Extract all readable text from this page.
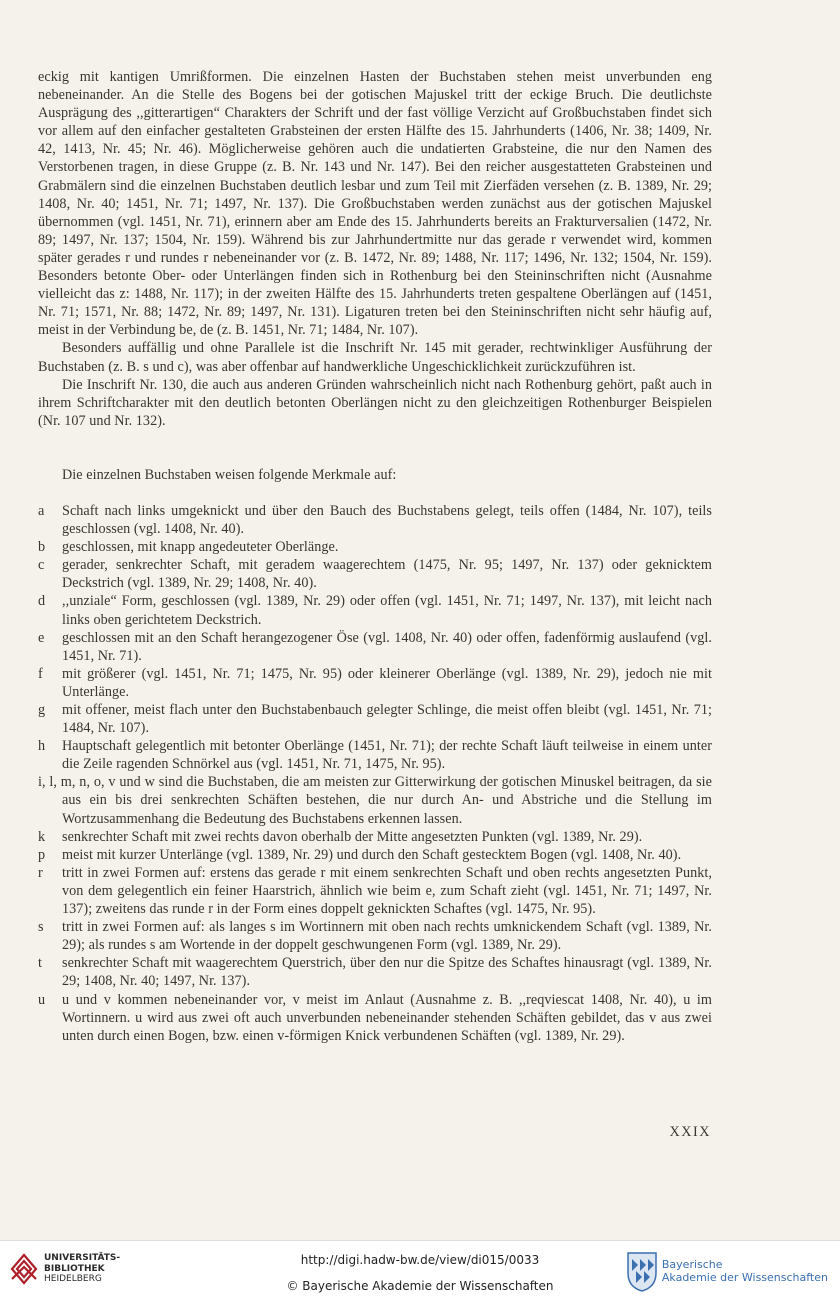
eckig mit kantigen Umrißformen. Die einzelnen Hasten der Buchstaben stehen meist unverbunden eng nebeneinander. An die Stelle des Bogens bei der gotischen Majuskel tritt der eckige Bruch. Die deutlichste Ausprägung des ,,gitterartigen“ Charakters der Schrift und der fast völlige Verzicht auf Großbuchstaben findet sich vor allem auf den einfacher gestalteten Grabsteinen der ersten Hälfte des 15. Jahrhunderts (1406, Nr. 38; 1409, Nr. 42, 1413, Nr. 45; Nr. 46). Möglicherweise gehören auch die undatierten Grabsteine, die nur den Namen des Verstorbenen tragen, in diese Gruppe (z. B. Nr. 143 und Nr. 147). Bei den reicher ausgestatteten Grabsteinen und Grabmälern sind die einzelnen Buchstaben deutlich lesbar und zum Teil mit Zierfäden versehen (z. B. 1389, Nr. 29; 1408, Nr. 40; 1451, Nr. 71; 1497, Nr. 137). Die Großbuchstaben werden zunächst aus der gotischen Majuskel übernommen (vgl. 1451, Nr. 71), erinnern aber am Ende des 15. Jahrhunderts bereits an Frakturversalien (1472, Nr. 89; 1497, Nr. 137; 1504, Nr. 159). Während bis zur Jahrhundertmitte nur das gerade r verwendet wird, kommen später gerades r und rundes r nebeneinander vor (z. B. 1472, Nr. 89; 1488, Nr. 117; 1496, Nr. 132; 1504, Nr. 159). Besonders betonte Ober- oder Unterlängen finden sich in Rothenburg bei den Steininschriften nicht (Ausnahme vielleicht das z: 1488, Nr. 117); in der zweiten Hälfte des 15. Jahrhunderts treten gespaltene Oberlängen auf (1451, Nr. 71; 1571, Nr. 88; 1472, Nr. 89; 1497, Nr. 131). Ligaturen treten bei den Steininschriften nicht sehr häufig auf, meist in der Verbindung be, de (z. B. 1451, Nr. 71; 1484, Nr. 107).

Besonders auffällig und ohne Parallele ist die Inschrift Nr. 145 mit gerader, rechtwinkliger Ausführung der Buchstaben (z. B. s und c), was aber offenbar auf handwerkliche Ungeschicklichkeit zurückzuführen ist.

Die Inschrift Nr. 130, die auch aus anderen Gründen wahrscheinlich nicht nach Rothenburg gehört, paßt auch in ihrem Schriftcharakter mit den deutlich betonten Oberlängen nicht zu den gleichzeitigen Rothenburger Beispielen (Nr. 107 und Nr. 132).

Die einzelnen Buchstaben weisen folgende Merkmale auf:

a Schaft nach links umgeknickt und über den Bauch des Buchstabens gelegt, teils offen (1484, Nr. 107), teils geschlossen (vgl. 1408, Nr. 40).
b geschlossen, mit knapp angedeuteter Oberlänge.
c gerader, senkrechter Schaft, mit geradem waagerechtem (1475, Nr. 95; 1497, Nr. 137) oder geknicktem Deckstrich (vgl. 1389, Nr. 29; 1408, Nr. 40).
d ,,unziale“ Form, geschlossen (vgl. 1389, Nr. 29) oder offen (vgl. 1451, Nr. 71; 1497, Nr. 137), mit leicht nach links oben gerichtetem Deckstrich.
e geschlossen mit an den Schaft herangezogener Öse (vgl. 1408, Nr. 40) oder offen, fadenförmig auslaufend (vgl. 1451, Nr. 71).
f mit größerer (vgl. 1451, Nr. 71; 1475, Nr. 95) oder kleinerer Oberlänge (vgl. 1389, Nr. 29), jedoch nie mit Unterlänge.
g mit offener, meist flach unter den Buchstabenbauch gelegter Schlinge, die meist offen bleibt (vgl. 1451, Nr. 71; 1484, Nr. 107).
h Hauptschaft gelegentlich mit betonter Oberlänge (1451, Nr. 71); der rechte Schaft läuft teilweise in einem unter die Zeile ragenden Schnörkel aus (vgl. 1451, Nr. 71, 1475, Nr. 95).
i, l, m, n, o, v und w sind die Buchstaben, die am meisten zur Gitterwirkung der gotischen Minuskel beitragen, da sie aus ein bis drei senkrechten Schäften bestehen, die nur durch An- und Abstriche und die Stellung im Wortzusammenhang die Bedeutung des Buchstabens erkennen lassen.
k senkrechter Schaft mit zwei rechts davon oberhalb der Mitte angesetzten Punkten (vgl. 1389, Nr. 29).
p meist mit kurzer Unterlänge (vgl. 1389, Nr. 29) und durch den Schaft gestecktem Bogen (vgl. 1408, Nr. 40).
r tritt in zwei Formen auf: erstens das gerade r mit einem senkrechten Schaft und oben rechts angesetzten Punkt, von dem gelegentlich ein feiner Haarstrich, ähnlich wie beim e, zum Schaft zieht (vgl. 1451, Nr. 71; 1497, Nr. 137); zweitens das runde r in der Form eines doppelt geknickten Schaftes (vgl. 1475, Nr. 95).
s tritt in zwei Formen auf: als langes s im Wortinnern mit oben nach rechts umknickendem Schaft (vgl. 1389, Nr. 29); als rundes s am Wortende in der doppelt geschwungenen Form (vgl. 1389, Nr. 29).
t senkrechter Schaft mit waagerechtem Querstrich, über den nur die Spitze des Schaftes hinausragt (vgl. 1389, Nr. 29; 1408, Nr. 40; 1497, Nr. 137).
u u und v kommen nebeneinander vor, v meist im Anlaut (Ausnahme z. B. ,,reqviescat 1408, Nr. 40), u im Wortinnern. u wird aus zwei oft auch unverbunden nebeneinander stehenden Schäften gebildet, das v aus zwei unten durch einen Bogen, bzw. einen v-förmigen Knick verbundenen Schäften (vgl. 1389, Nr. 29).
XXIX
UNIVERSITÄTS-
BIBLIOTHEK
HEIDELBERG
http://digi.hadw-bw.de/view/di015/0033
© Bayerische Akademie der Wissenschaften
Bayerische
Akademie der Wissenschaften
